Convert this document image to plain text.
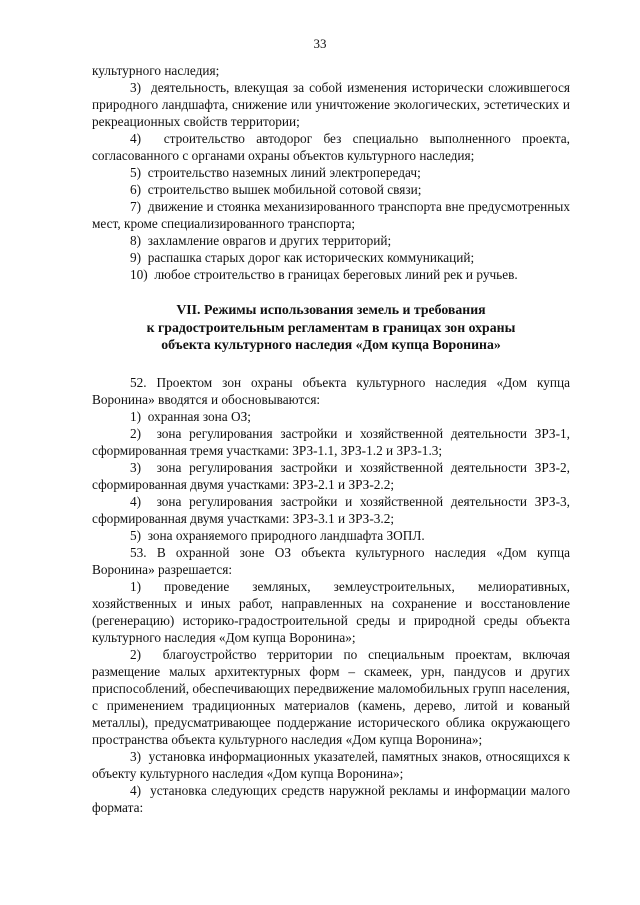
33

культурного наследия;

3)  деятельность, влекущая за собой изменения исторически сложившегося природного ландшафта, снижение или уничтожение экологических, эстетических и рекреационных свойств территории;

4)  строительство автодорог без специально выполненного проекта, согласованного с органами охраны объектов культурного наследия;

5)  строительство наземных линий электропередач;

6)  строительство вышек мобильной сотовой связи;

7)  движение и стоянка механизированного транспорта вне предусмотренных мест, кроме специализированного транспорта;

8)  захламление оврагов и других территорий;

9)  распашка старых дорог как исторических коммуникаций;

10)  любое строительство в границах береговых линий рек и ручьев.

VII. Режимы использования земель и требования
к градостроительным регламентам в границах зон охраны
объекта культурного наследия «Дом купца Воронина»

52. Проектом зон охраны объекта культурного наследия «Дом купца Воронина» вводятся и обосновываются:

1)  охранная зона ОЗ;

2)  зона регулирования застройки и хозяйственной деятельности ЗРЗ-1, сформированная тремя участками: ЗРЗ-1.1, ЗРЗ-1.2 и ЗРЗ-1.3;

3)  зона регулирования застройки и хозяйственной деятельности ЗРЗ-2, сформированная двумя участками: ЗРЗ-2.1 и ЗРЗ-2.2;

4)  зона регулирования застройки и хозяйственной деятельности ЗРЗ-3, сформированная двумя участками: ЗРЗ-3.1 и ЗРЗ-3.2;

5)  зона охраняемого природного ландшафта ЗОПЛ.

53. В охранной зоне ОЗ объекта культурного наследия «Дом купца Воронина» разрешается:

1) проведение земляных, землеустроительных, мелиоративных, хозяйственных и иных работ, направленных на сохранение и восстановление (регенерацию) историко-градостроительной среды и природной среды объекта культурного наследия «Дом купца Воронина»;

2)  благоустройство территории по специальным проектам, включая размещение малых архитектурных форм – скамеек, урн, пандусов и других приспособлений, обеспечивающих передвижение маломобильных групп населения, с применением традиционных материалов (камень, дерево, литой и кованый металлы), предусматривающее поддержание исторического облика окружающего пространства объекта культурного наследия «Дом купца Воронина»;

3)  установка информационных указателей, памятных знаков, относящихся к объекту культурного наследия «Дом купца Воронина»;

4)  установка следующих средств наружной рекламы и информации малого формата:
